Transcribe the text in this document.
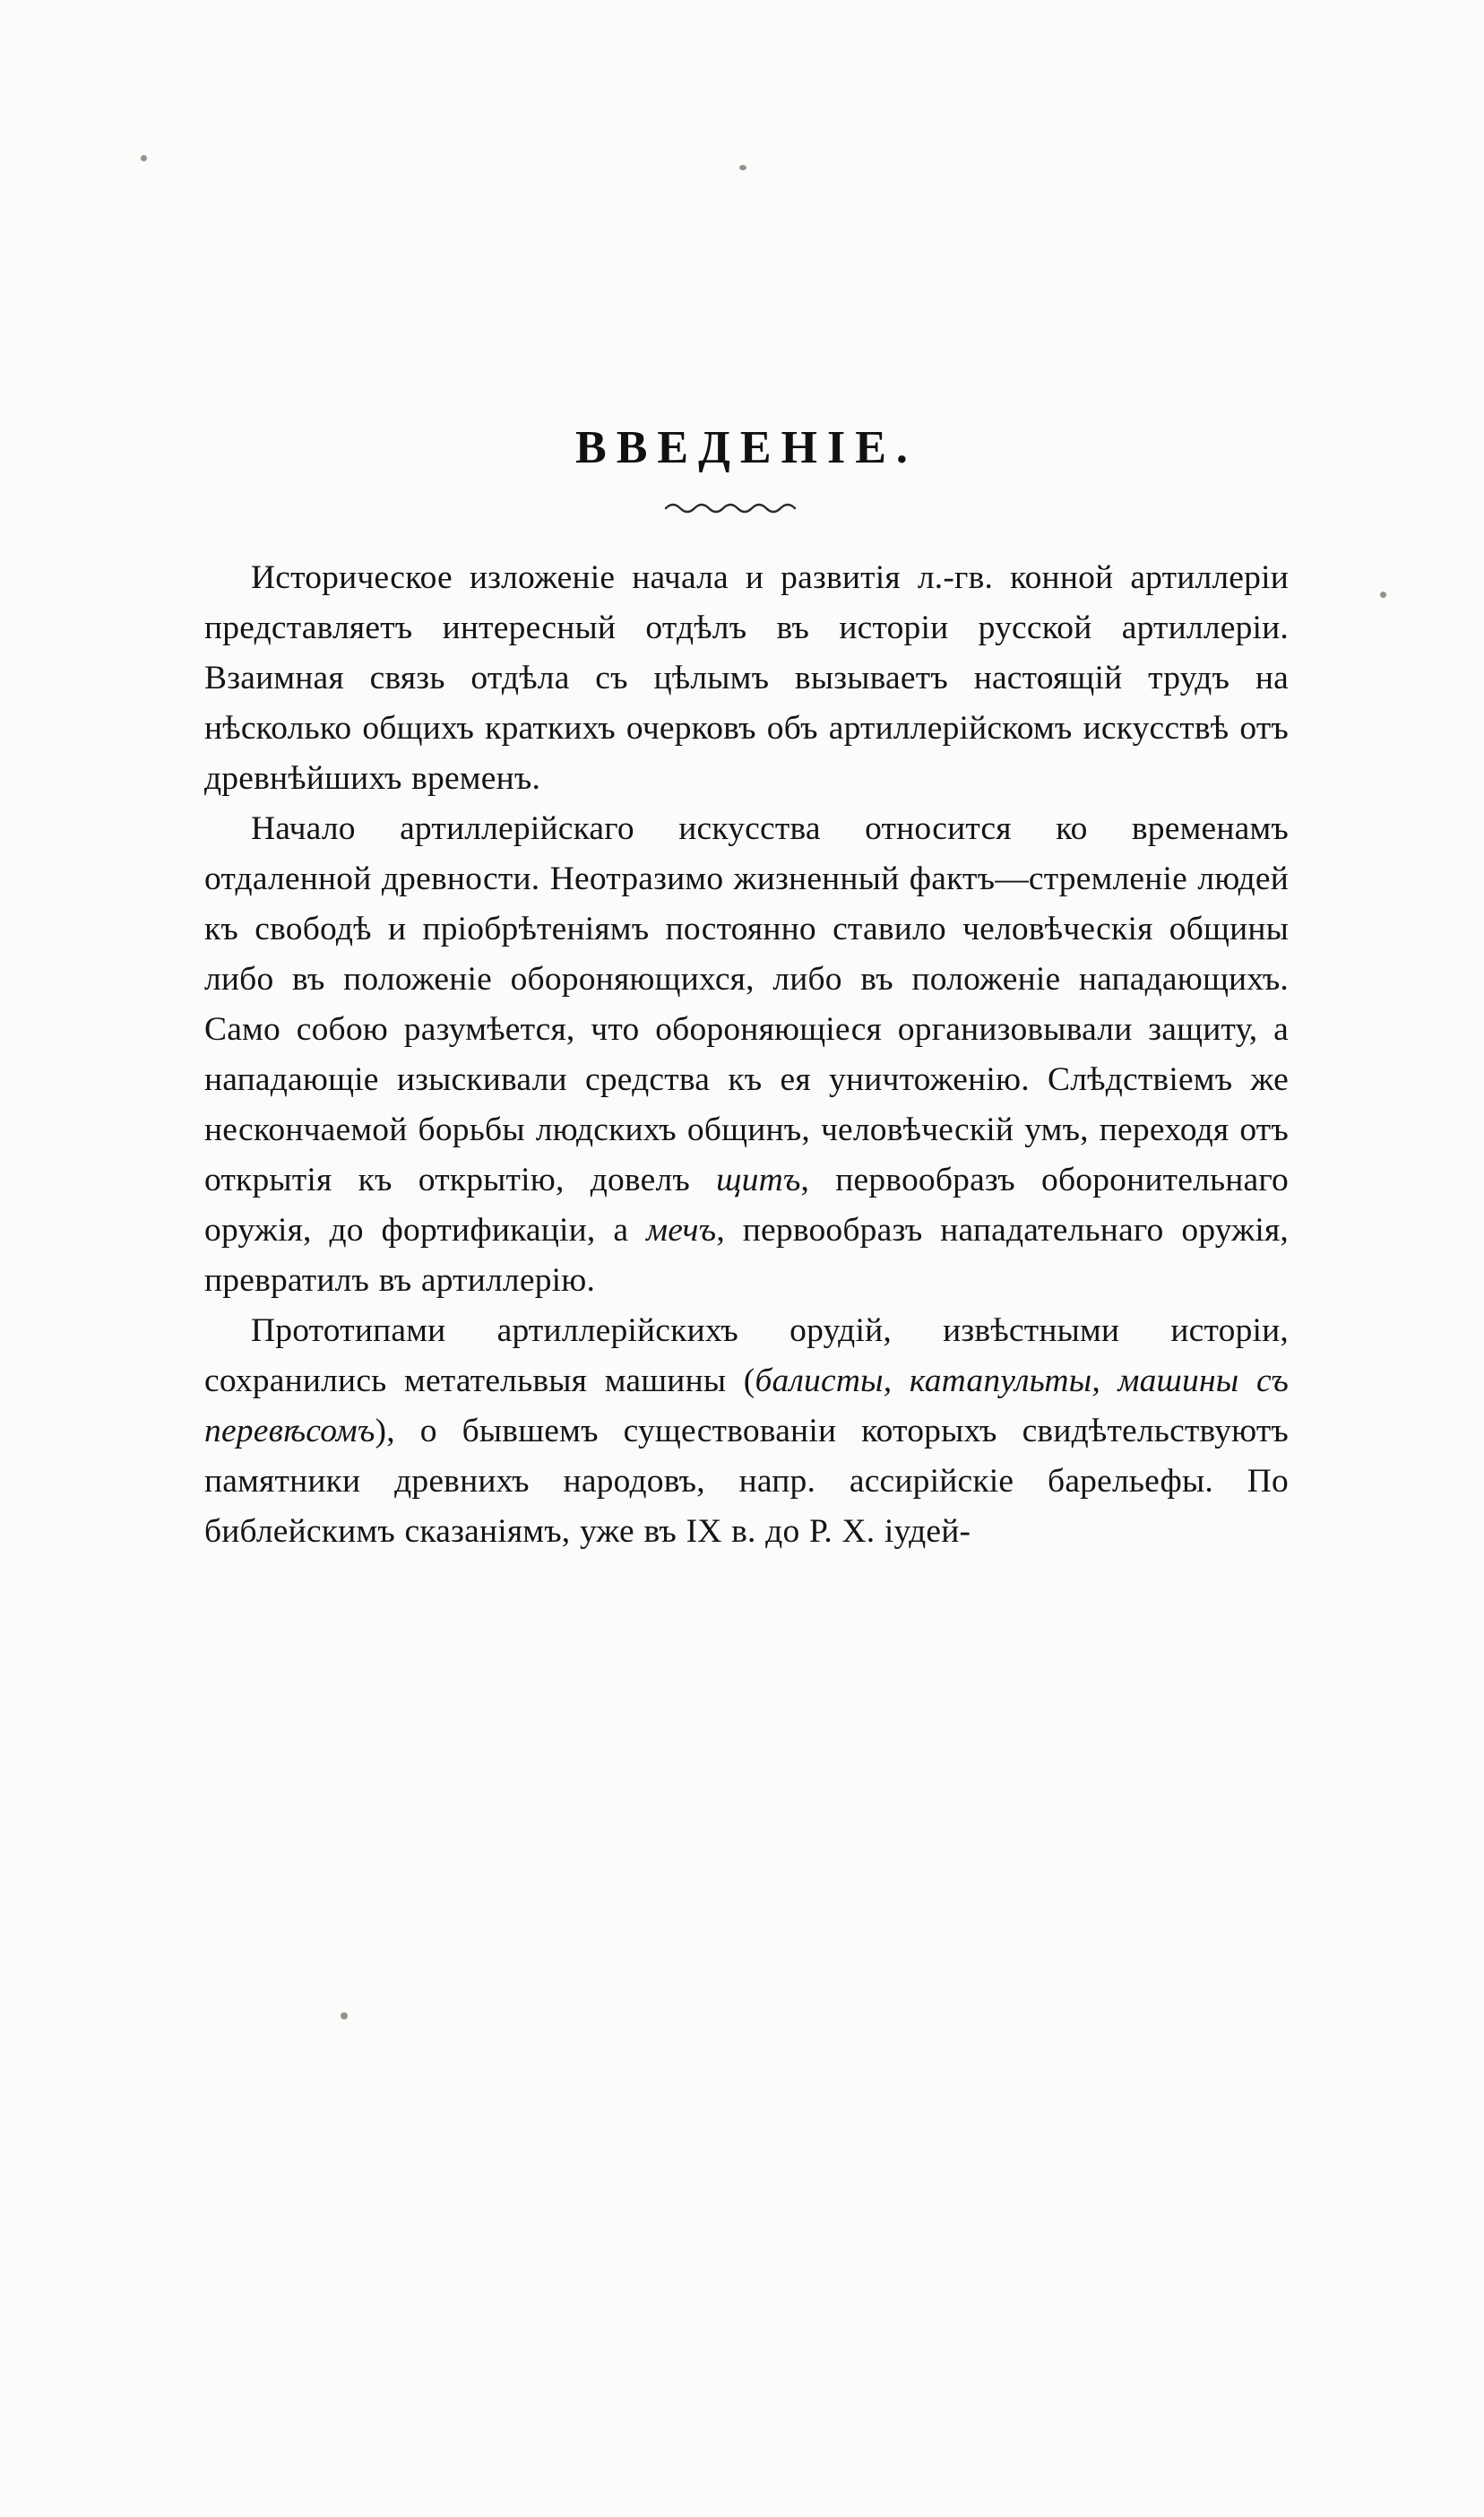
ВВЕДЕНІЕ.

Историческое изложеніе начала и развитія л.-гв. конной артиллеріи представляетъ интересный отдѣлъ въ исторіи русской артиллеріи. Взаимная связь отдѣла съ цѣлымъ вызываетъ настоящій трудъ на нѣсколько общихъ краткихъ очерковъ объ артиллерійскомъ искусствѣ отъ древнѣйшихъ временъ.

Начало артиллерійскаго искусства относится ко временамъ отдаленной древности. Неотразимо жизненный фактъ—стремленіе людей къ свободѣ и пріобрѣтеніямъ постоянно ставило человѣческія общины либо въ положеніе обороняющихся, либо въ положеніе нападающихъ. Само собою разумѣется, что обороняющіеся организовывали защиту, а нападающіе изыскивали средства къ ея уничтоженію. Слѣдствіемъ же нескончаемой борьбы людскихъ общинъ, человѣческій умъ, переходя отъ открытія къ открытію, довелъ щитъ, первообразъ оборонительнаго оружія, до фортификаціи, а мечъ, первообразъ нападательнаго оружія, превратилъ въ артиллерію.

Прототипами артиллерійскихъ орудій, извѣстными исторіи, сохранились метательвыя машины (балисты, катапульты, машины съ перевѣсомъ), о бывшемъ существованіи которыхъ свидѣтельствуютъ памятники древнихъ народовъ, напр. ассирійскіе барельефы. По библейскимъ сказаніямъ, уже въ IX в. до Р. Х. іудей-
